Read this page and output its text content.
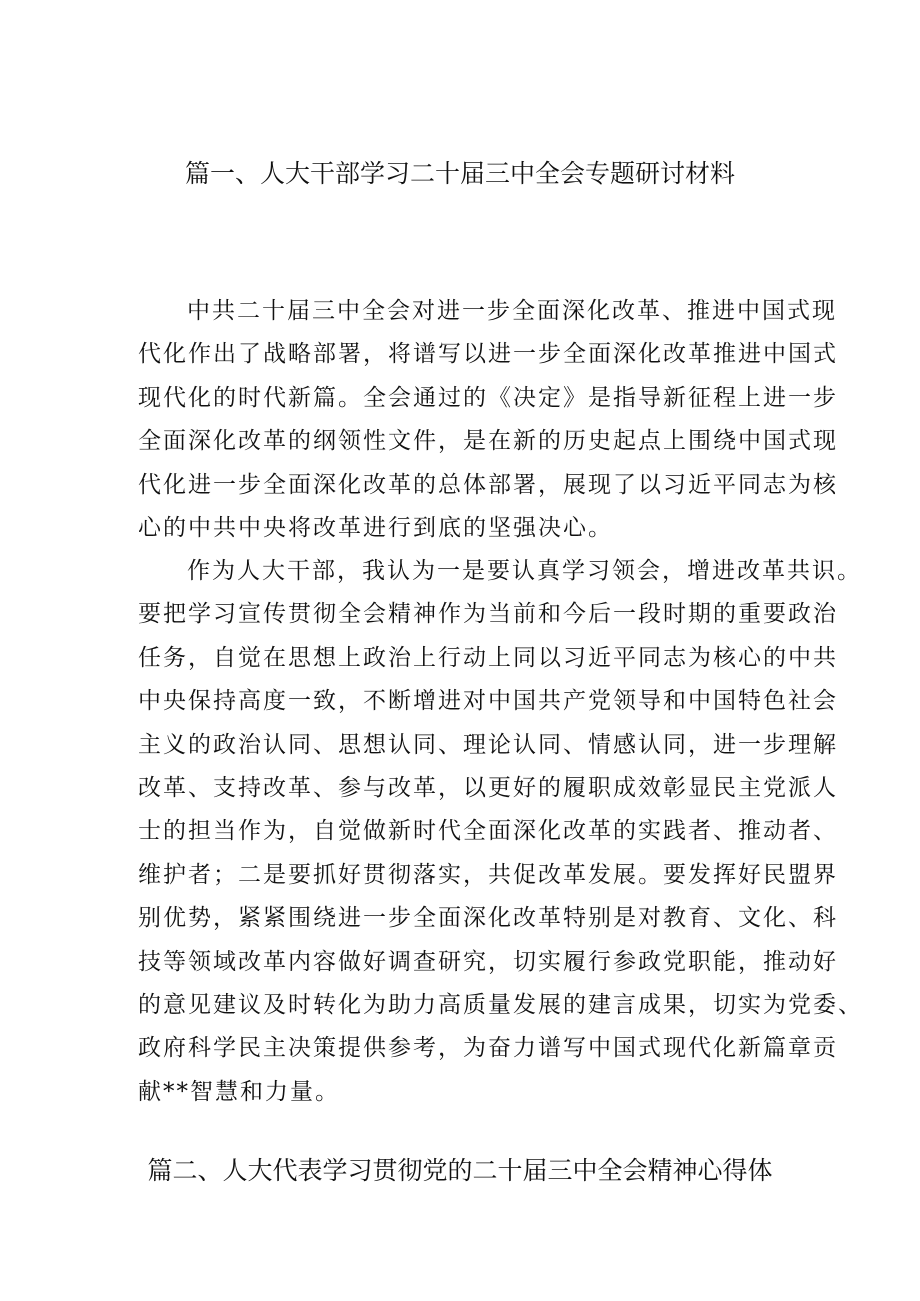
篇一、人大干部学习二十届三中全会专题研讨材料
中共二十届三中全会对进一步全面深化改革、推进中国式现
代化作出了战略部署，将谱写以进一步全面深化改革推进中国式
现代化的时代新篇。全会通过的《决定》是指导新征程上进一步
全面深化改革的纲领性文件，是在新的历史起点上围绕中国式现
代化进一步全面深化改革的总体部署，展现了以习近平同志为核
心的中共中央将改革进行到底的坚强决心。
作为人大干部，我认为一是要认真学习领会，增进改革共识。
要把学习宣传贯彻全会精神作为当前和今后一段时期的重要政治
任务，自觉在思想上政治上行动上同以习近平同志为核心的中共
中央保持高度一致，不断增进对中国共产党领导和中国特色社会
主义的政治认同、思想认同、理论认同、情感认同，进一步理解
改革、支持改革、参与改革，以更好的履职成效彰显民主党派人
士的担当作为，自觉做新时代全面深化改革的实践者、推动者、
维护者；二是要抓好贯彻落实，共促改革发展。要发挥好民盟界
别优势，紧紧围绕进一步全面深化改革特别是对教育、文化、科
技等领域改革内容做好调查研究，切实履行参政党职能，推动好
的意见建议及时转化为助力高质量发展的建言成果，切实为党委、
政府科学民主决策提供参考，为奋力谱写中国式现代化新篇章贡
献**智慧和力量。
篇二、人大代表学习贯彻党的二十届三中全会精神心得体
